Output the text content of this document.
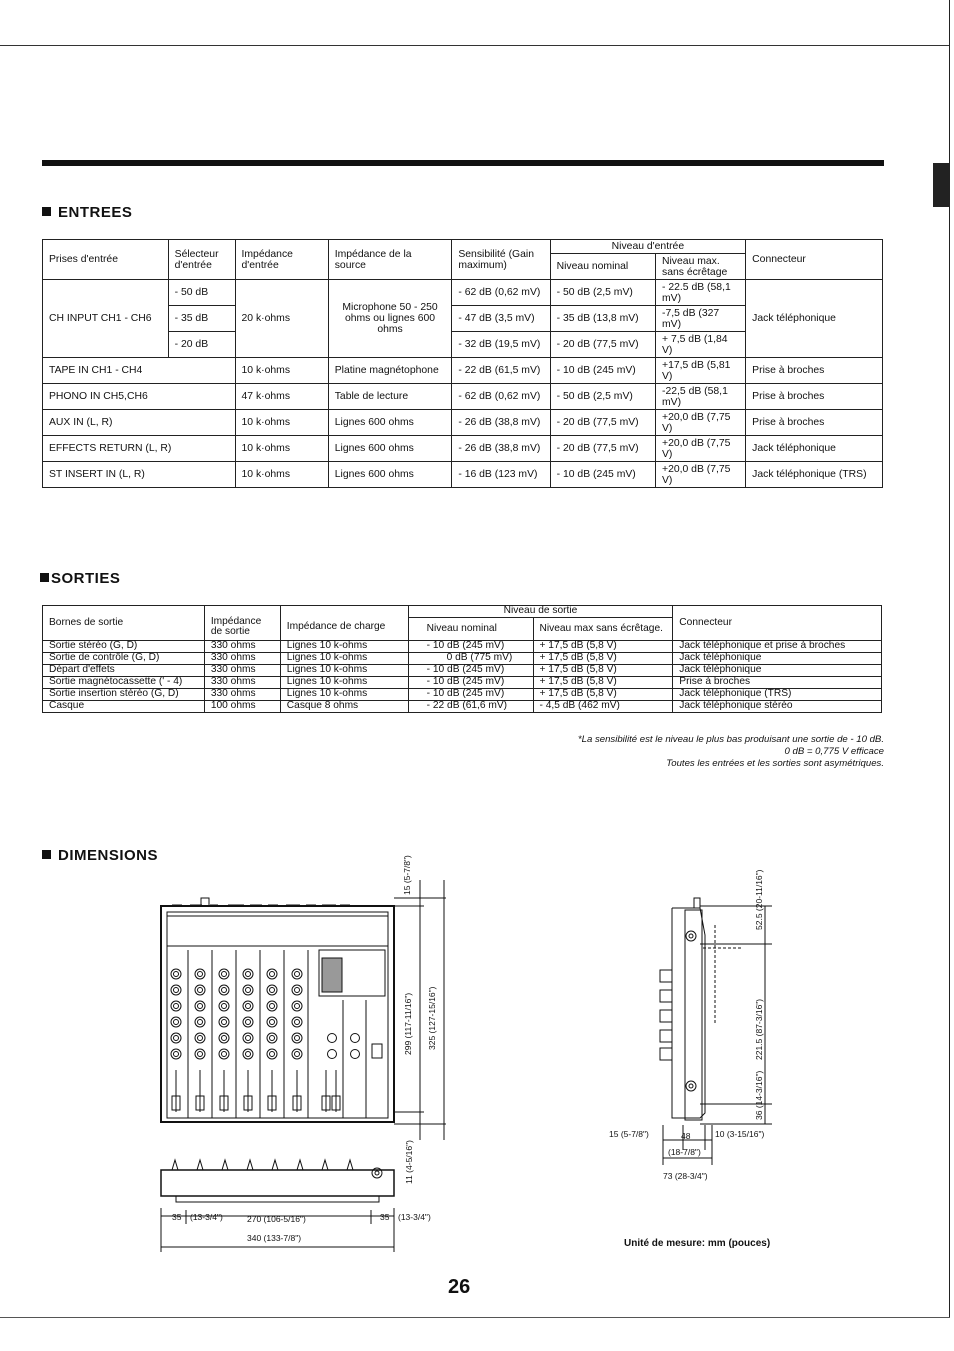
ENTREES
Prises d'entrée	Sélecteur d'entrée	Impédance d'entrée	Impédance de la source	Sensibilité (Gain maximum)	Niveau d'entrée		Connecteur
					Niveau nominal	Niveau max. sans écrêtage	
CH INPUT CH1 - CH6	- 50 dB	20 k·ohms	Microphone 50 - 250 ohms ou lignes 600 ohms	- 62 dB (0,62 mV)	- 50 dB (2,5 mV)	- 22.5 dB (58,1 mV)	Jack téléphonique
	- 35 dB			- 47 dB (3,5 mV)	- 35 dB (13,8 mV)	-7,5 dB (327 mV)	
	- 20 dB			- 32 dB (19,5 mV)	- 20 dB (77,5 mV)	+ 7,5 dB (1,84 V)	
TAPE IN CH1 - CH4		10 k·ohms	Platine magnétophone	- 22 dB (61,5 mV)	- 10 dB (245 mV)	+17,5 dB (5,81 V)	Prise à broches
PHONO IN CH5,CH6		47 k·ohms	Table de lecture	- 62 dB (0,62 mV)	- 50 dB (2,5 mV)	-22,5 dB (58,1 mV)	Prise à broches
AUX IN (L, R)		10 k·ohms	Lignes 600 ohms	- 26 dB (38,8 mV)	- 20 dB (77,5 mV)	+20,0 dB (7,75 V)	Prise à broches
EFFECTS RETURN (L, R)		10 k·ohms	Lignes 600 ohms	- 26 dB (38,8 mV)	- 20 dB (77,5 mV)	+20,0 dB (7,75 V)	Jack téléphonique
ST INSERT IN (L, R)		10 k·ohms	Lignes 600 ohms	- 16 dB (123 mV)	- 10 dB (245 mV)	+20,0 dB (7,75 V)	Jack téléphonique (TRS)
SORTIES
Bornes de sortie	Impédance de sortie	Impédance de charge	Niveau de sortie		Connecteur
			Niveau nominal	Niveau max sans écrêtage.	
Sortie stéréo (G, D)	330 ohms	Lignes 10 k-ohms	- 10 dB (245 mV)	+ 17,5 dB (5,8 V)	Jack téléphonique et prise à broches
Sortie de contrôle (G, D)	330 ohms	Lignes 10 k-ohms	0 dB (775 mV)	+ 17,5 dB (5,8 V)	Jack téléphonique
Départ d'effets	330 ohms	Lignes 10 k-ohms	- 10 dB (245 mV)	+ 17,5 dB (5,8 V)	Jack téléphonique
Sortie magnétocassette (' - 4)	330 ohms	Lignes 10 k-ohms	- 10 dB (245 mV)	+ 17,5 dB (5,8 V)	Prise à broches
Sortie insertion stéréo (G, D)	330 ohms	Lignes 10 k-ohms	- 10 dB (245 mV)	+ 17,5 dB (5,8 V)	Jack téléphonique (TRS)
Casque	100 ohms	Casque 8 ohms	- 22 dB (61,6 mV)	- 4,5 dB (462 mV)	Jack téléphonique stéréo
*La sensibilité est le niveau le plus bas produisant une sortie de - 10 dB.
0 dB = 0,775 V efficace
Toutes les entrées et les sorties sont asymétriques.
DIMENSIONS	15 (5-7/8")
299 (117-11/16") 325 (127-15/16")
11 (4-5/16")
35 (13-3/4")	270 (106-5/16")	35 (13-3/4")
340 (133-7/8")
52.5 (20-11/16")
221.5 (87-3/16")
36 (14-3/16")
15 (5-7/8")	48
(18-7/8")
10 (3-15/16")
73 (28-3/4")
Unité de mesure: mm (pouces)
26
